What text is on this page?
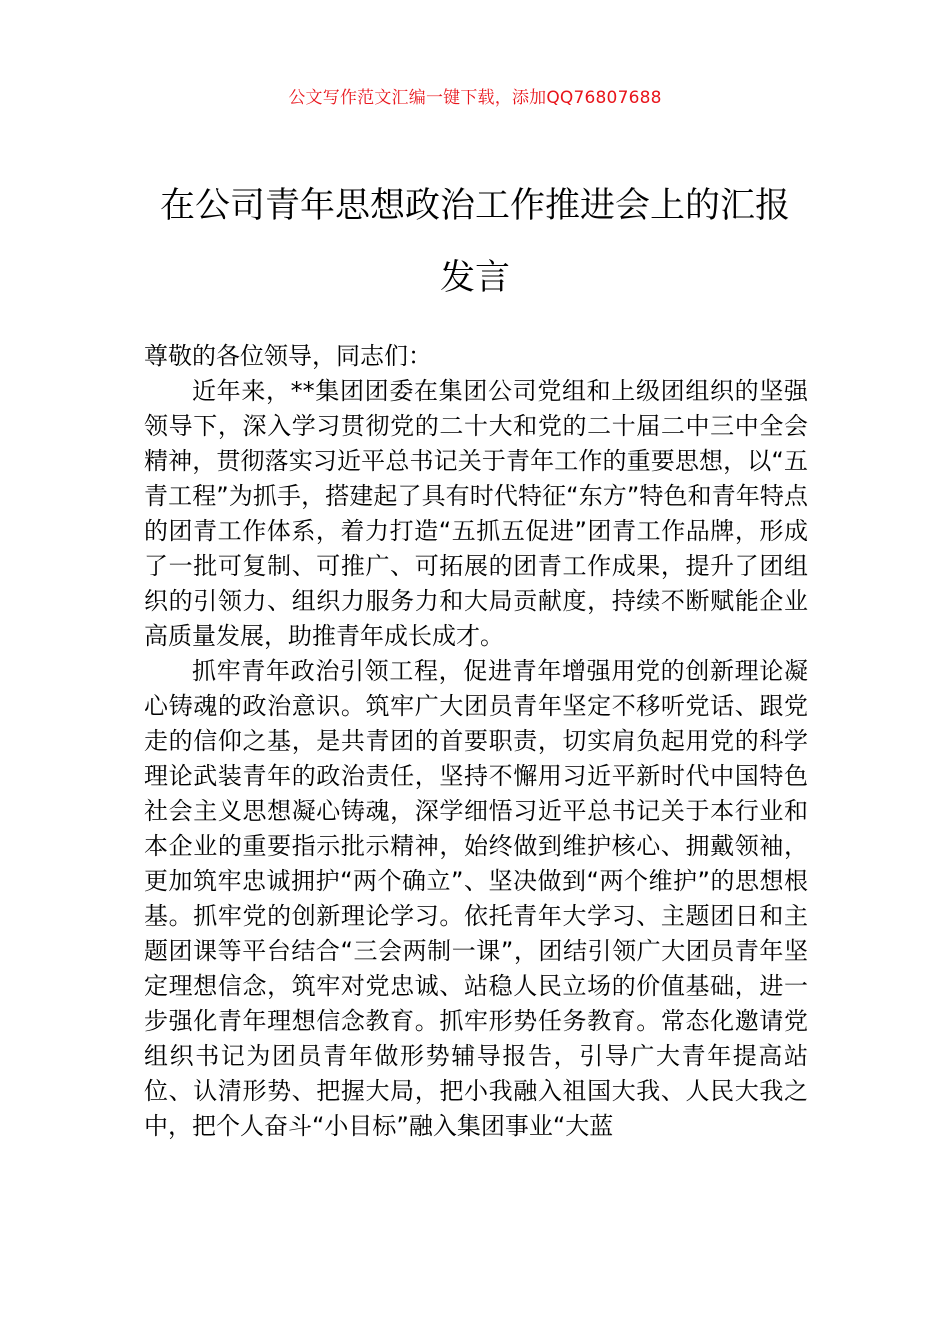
公文写作范文汇编一键下载，添加QQ76807688
在公司青年思想政治工作推进会上的汇报发言

尊敬的各位领导，同志们：

近年来，**集团团委在集团公司党组和上级团组织的坚强领导下，深入学习贯彻党的二十大和党的二十届二中三中全会精神，贯彻落实习近平总书记关于青年工作的重要思想，以“五青工程”为抓手，搭建起了具有时代特征“东方”特色和青年特点的团青工作体系，着力打造“五抓五促进”团青工作品牌，形成了一批可复制、可推广、可拓展的团青工作成果，提升了团组织的引领力、组织力服务力和大局贡献度，持续不断赋能企业高质量发展，助推青年成长成才。

抓牢青年政治引领工程，促进青年增强用党的创新理论凝心铸魂的政治意识。筑牢广大团员青年坚定不移听党话、跟党走的信仰之基，是共青团的首要职责，切实肩负起用党的科学理论武装青年的政治责任，坚持不懈用习近平新时代中国特色社会主义思想凝心铸魂，深学细悟习近平总书记关于本行业和本企业的重要指示批示精神，始终做到维护核心、拥戴领袖，更加筑牢忠诚拥护“两个确立”、坚决做到“两个维护”的思想根基。抓牢党的创新理论学习。依托青年大学习、主题团日和主题团课等平台结合“三会两制一课”，团结引领广大团员青年坚定理想信念，筑牢对党忠诚、站稳人民立场的价值基础，进一步强化青年理想信念教育。抓牢形势任务教育。常态化邀请党组织书记为团员青年做形势辅导报告，引导广大青年提高站位、认清形势、把握大局，把小我融入祖国大我、人民大我之中，把个人奋斗“小目标”融入集团事业“大蓝
